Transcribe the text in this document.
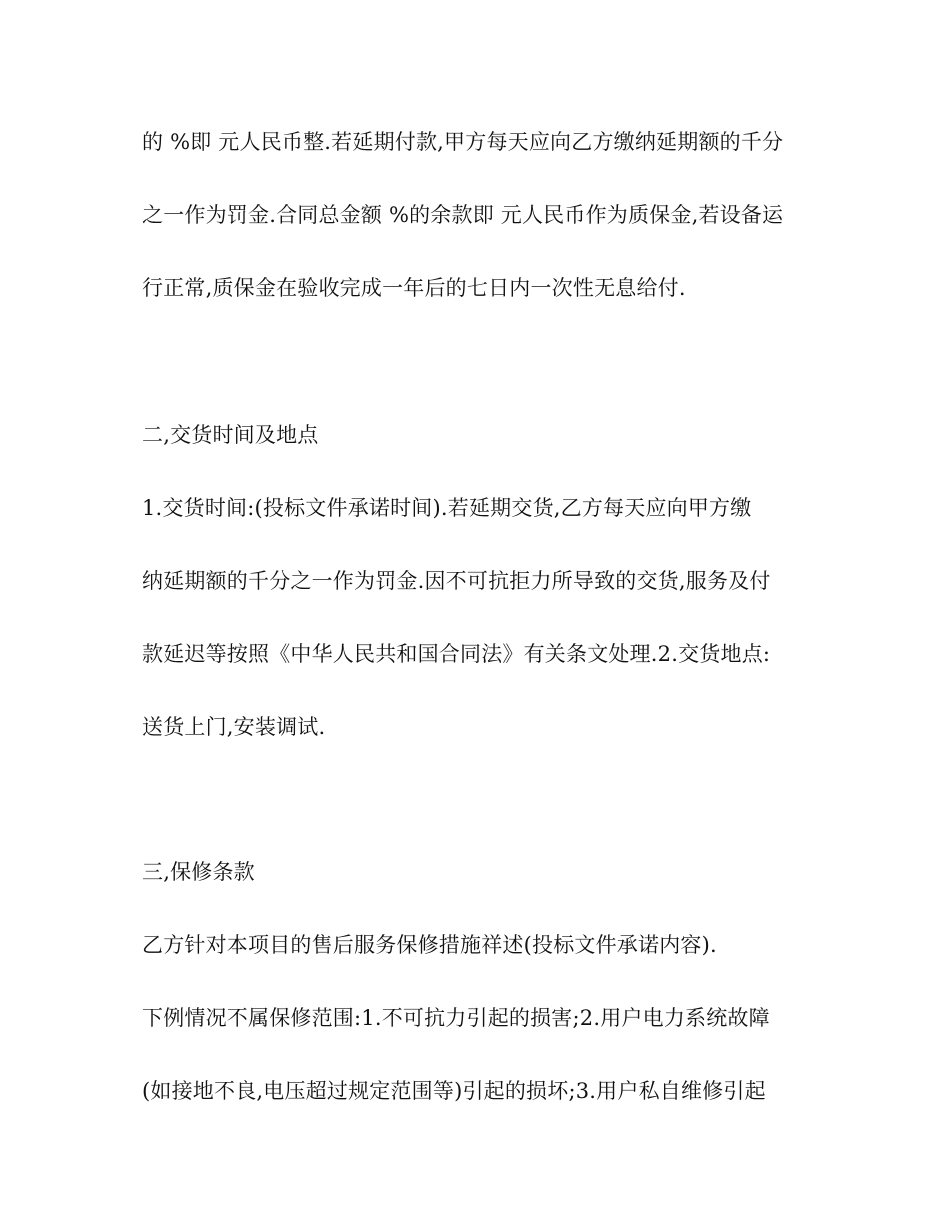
的 %即 元人民币整.若延期付款,甲方每天应向乙方缴纳延期额的千分
之一作为罚金.合同总金额 %的余款即 元人民币作为质保金,若设备运
行正常,质保金在验收完成一年后的七日内一次性无息给付.
二,交货时间及地点
1.交货时间:(投标文件承诺时间).若延期交货,乙方每天应向甲方缴
纳延期额的千分之一作为罚金.因不可抗拒力所导致的交货,服务及付
款延迟等按照《中华人民共和国合同法》有关条文处理.2.交货地点:
送货上门,安装调试.
三,保修条款
乙方针对本项目的售后服务保修措施祥述(投标文件承诺内容).
下例情况不属保修范围:1.不可抗力引起的损害;2.用户电力系统故障
(如接地不良,电压超过规定范围等)引起的损坏;3.用户私自维修引起
